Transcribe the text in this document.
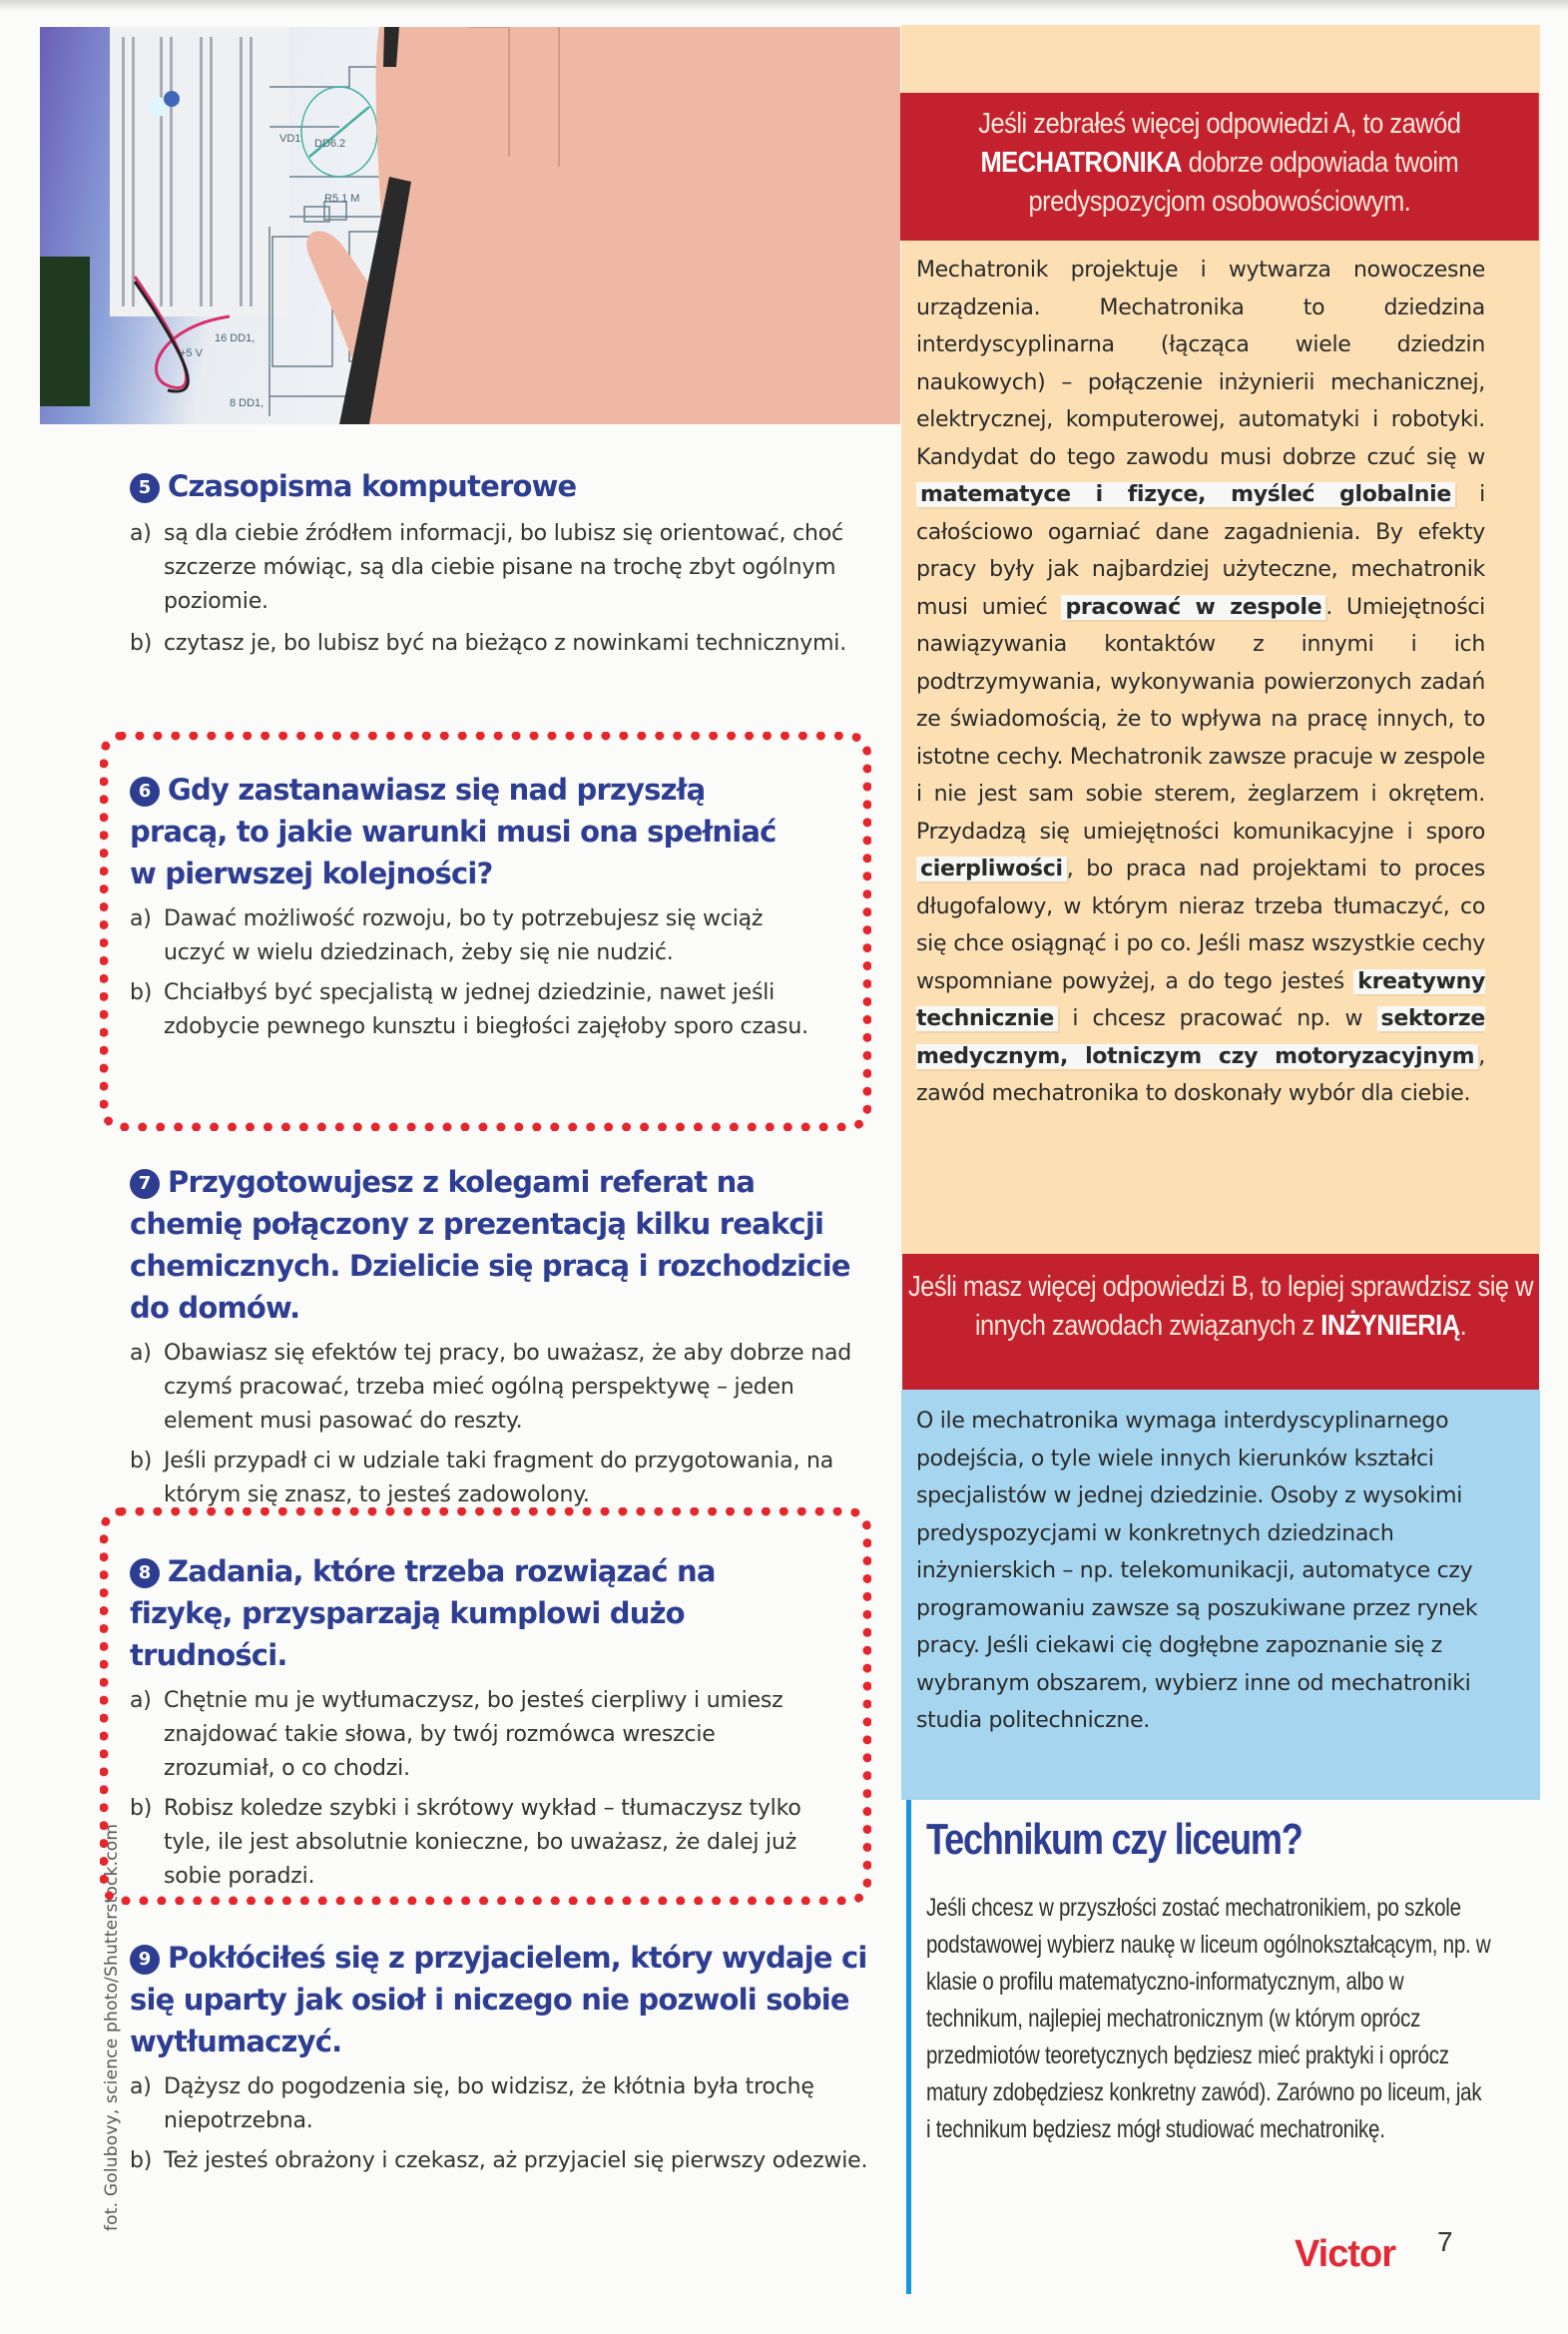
VD1 DD6.2
R5 1 M
+5 V
16 DD1,
8 DD1,
fot. Golubovy, science photo/Shutterstock.com
5 Czasopisma komputerowe
a) są dla ciebie źródłem informacji, bo lubisz się orientować, choć szczerze mówiąc, są dla ciebie pisane na trochę zbyt ogólnym poziomie.
b) czytasz je, bo lubisz być na bieżąco z nowinkami technicznymi.
6 Gdy zastanawiasz się nad przyszłą pracą, to jakie warunki musi ona spełniać w pierwszej kolejności?
a) Dawać możliwość rozwoju, bo ty potrzebujesz się wciąż uczyć w wielu dziedzinach, żeby się nie nudzić.
b) Chciałbyś być specjalistą w jednej dziedzinie, nawet jeśli zdobycie pewnego kunsztu i biegłości zajęłoby sporo czasu.
7 Przygotowujesz z kolegami referat na chemię połączony z prezentacją kilku reakcji chemicznych. Dzielicie się pracą i rozchodzicie do domów.
a) Obawiasz się efektów tej pracy, bo uważasz, że aby dobrze nad czymś pracować, trzeba mieć ogólną perspektywę – jeden element musi pasować do reszty.
b) Jeśli przypadł ci w udziale taki fragment do przygotowania, na którym się znasz, to jesteś zadowolony.
8 Zadania, które trzeba rozwiązać na fizykę, przysparzają kumplowi dużo trudności.
a) Chętnie mu je wytłumaczysz, bo jesteś cierpliwy i umiesz znajdować takie słowa, by twój rozmówca wreszcie zrozumiał, o co chodzi.
b) Robisz koledze szybki i skrótowy wykład – tłumaczysz tylko tyle, ile jest absolutnie konieczne, bo uważasz, że dalej już sobie poradzi.
9 Pokłóciłeś się z przyjacielem, który wydaje ci się uparty jak osioł i niczego nie pozwoli sobie wytłumaczyć.
a) Dążysz do pogodzenia się, bo widzisz, że kłótnia była trochę niepotrzebna.
b) Też jesteś obrażony i czekasz, aż przyjaciel się pierwszy odezwie.
Jeśli zebrałeś więcej odpowiedzi A, to zawód MECHATRONIKA dobrze odpowiada twoim predyspozycjom osobowościowym.
Mechatronik projektuje i wytwarza nowoczesne urządzenia. Mechatronika to dziedzina interdyscyplinarna (łącząca wiele dziedzin naukowych) – połączenie inżynierii mechanicznej, elektrycznej, komputerowej, automatyki i robotyki. Kandydat do tego zawodu musi dobrze czuć się w matematyce i fizyce, myśleć globalnie i całościowo ogarniać dane zagadnienia. By efekty pracy były jak najbardziej użyteczne, mechatronik musi umieć pracować w zespole . Umiejętności nawiązywania kontaktów z innymi i ich podtrzymywania, wykonywania powierzonych zadań ze świadomością, że to wpływa na pracę innych, to istotne cechy. Mechatronik zawsze pracuje w zespole i nie jest sam sobie sterem, żeglarzem i okrętem. Przydadzą się umiejętności komunikacyjne i sporo cierpliwości , bo praca nad projektami to proces długofalowy, w którym nieraz trzeba tłumaczyć, co się chce osiągnąć i po co. Jeśli masz wszystkie cechy wspomniane powyżej, a do tego jesteś kreatywny technicznie i chcesz pracować np. w sektorze medycznym, lotniczym czy motoryzacyjnym , zawód mechatronika to doskonały wybór dla ciebie.
Jeśli masz więcej odpowiedzi B, to lepiej sprawdzisz się w innych zawodach związanych z INŻYNIERIĄ.
O ile mechatronika wymaga interdyscyplinarnego podejścia, o tyle wiele innych kierunków kształci specjalistów w jednej dziedzinie. Osoby z wysokimi predyspozycjami w konkretnych dziedzinach inżynierskich – np. telekomunikacji, automatyce czy programowaniu zawsze są poszukiwane przez rynek pracy. Jeśli ciekawi cię dogłębne zapoznanie się z wybranym obszarem, wybierz inne od mechatroniki studia politechniczne.
Technikum czy liceum?
Jeśli chcesz w przyszłości zostać mechatronikiem, po szkole podstawowej wybierz naukę w liceum ogólnokształcącym, np. w klasie o profilu matematyczno-informatycznym, albo w technikum, najlepiej mechatronicznym (w którym oprócz przedmiotów teoretycznych będziesz mieć praktyki i oprócz matury zdobędziesz konkretny zawód). Zarówno po liceum, jak i technikum będziesz mógł studiować mechatronikę.
Victor 7
